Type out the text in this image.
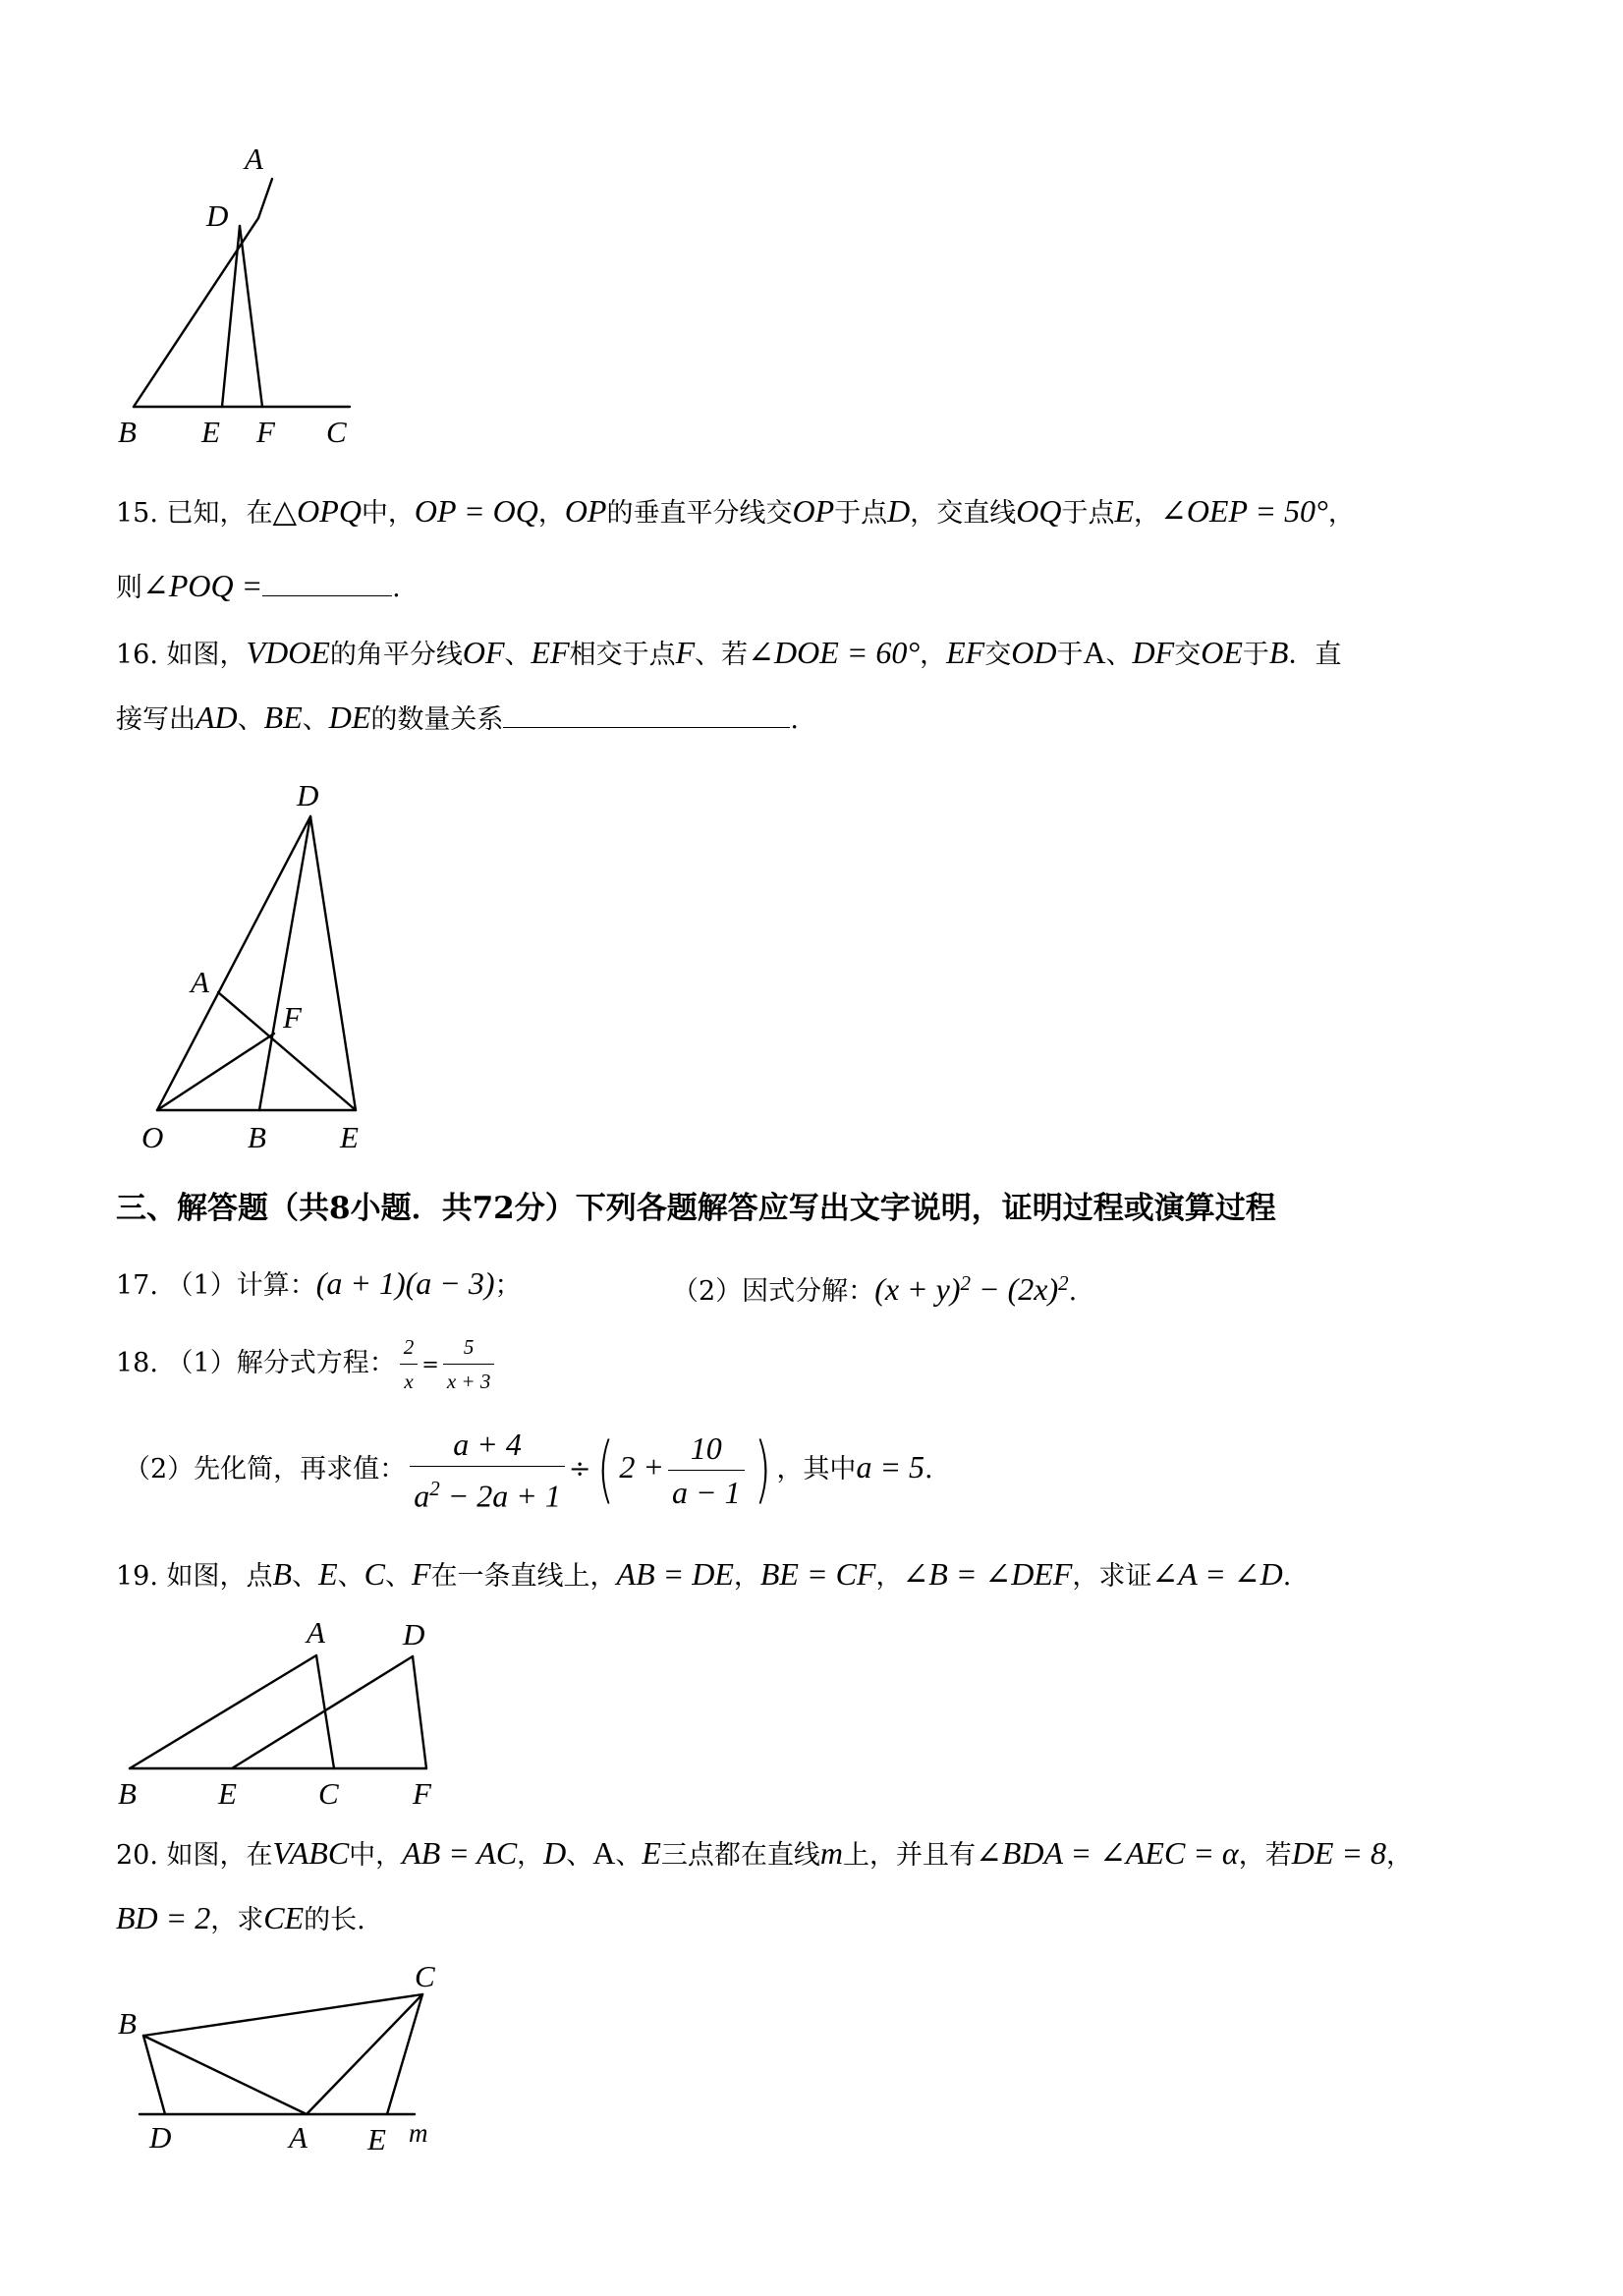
A
D
B E F C
15. 已知，在△OPQ中，OP = OQ，OP的垂直平分线交OP于点D，交直线OQ于点E，∠OEP = 50°，
则∠POQ =	.
16. 如图，VDOE的角平分线OF、EF相交于点F、若∠DOE = 60°，EF交OD于A、DF交OE于B．直
接写出AD、BE、DE的数量关系	.
D
A
F
O	B E
三、解答题（共8小题．共72分）下列各题解答应写出文字说明，证明过程或演算过程
17. （1）计算：(a + 1)(a − 3)；	（2）因式分解：$(x + y)^2 - (2x)^2$.
18. （1）解分式方程： $\frac{2}{x} = \frac{5}{x + 3}$
（2）先化简，再求值： $\frac{a + 4}{a^2 - 2a + 1}$ ÷( $2 + \frac{10}{a - 1}$ ) ，其中a = 5.
19. 如图，点B、E、C、F在一条直线上，AB = DE，BE = CF，∠B = ∠DEF，求证∠A = ∠D.
A	D
B	E	C F
20. 如图，在VABC中，AB = AC，D、A、E三点都在直线m上，并且有∠BDA = ∠AEC = α，若DE = 8，
BD = 2，求CE的长.
C
B
D	A E m
